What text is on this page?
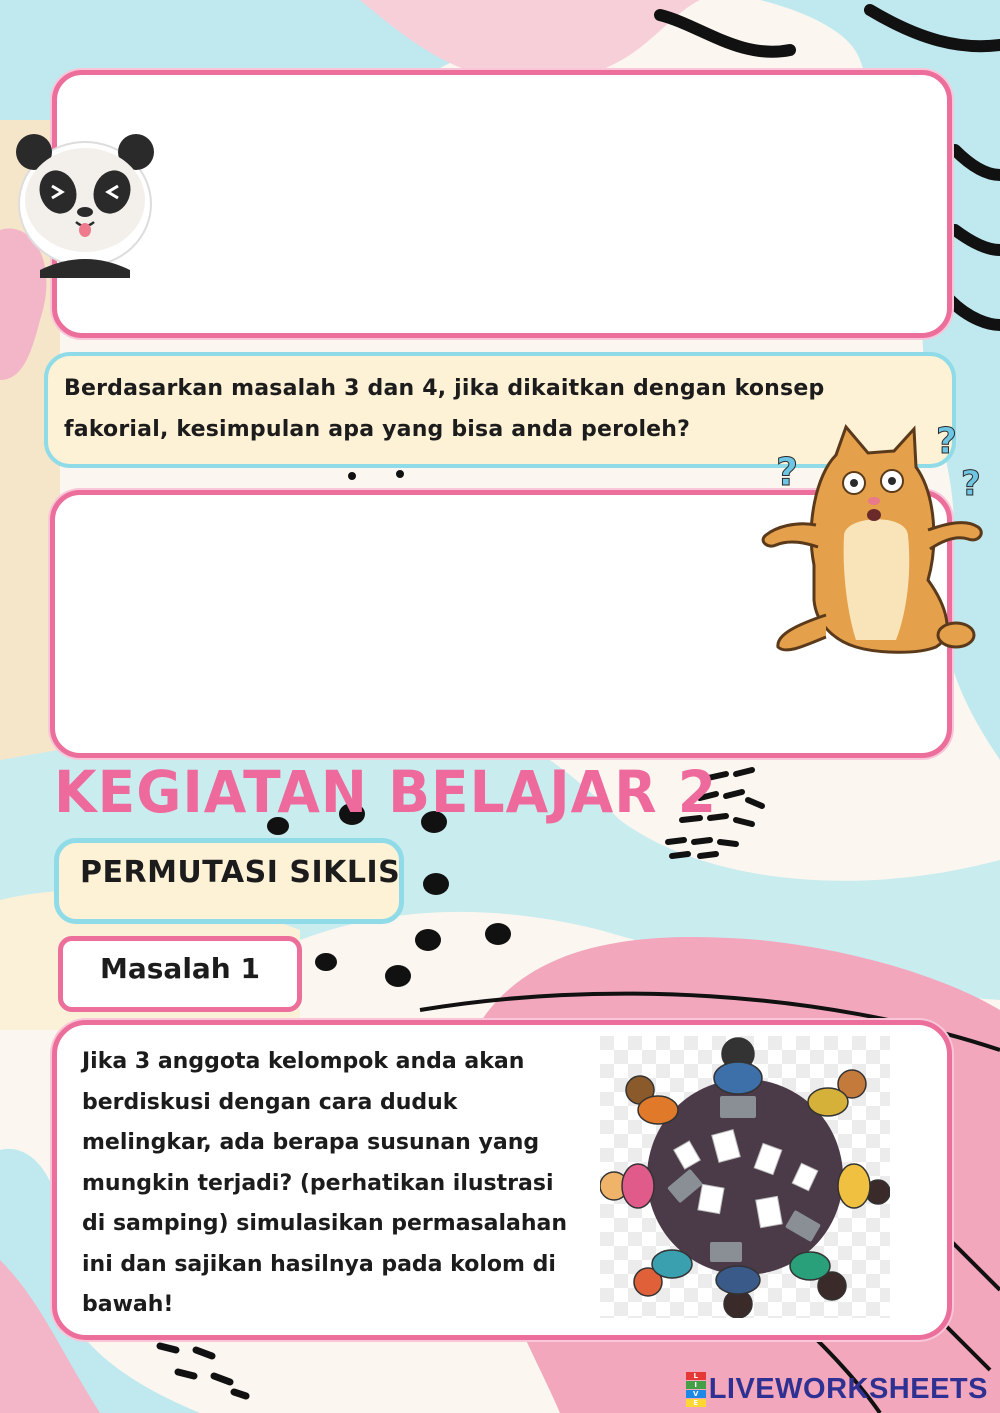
Berdasarkan masalah 3 dan 4, jika dikaitkan dengan konsep
fakorial, kesimpulan apa yang bisa anda peroleh?
?
?
?
KEGIATAN BELAJAR 2
PERMUTASI SIKLIS
Masalah 1
Jika 3 anggota kelompok anda akan
berdiskusi dengan cara duduk
melingkar, ada berapa susunan yang
mungkin terjadi? (perhatikan ilustrasi
di samping) simulasikan permasalahan
ini dan sajikan hasilnya pada kolom di
bawah!
L
I
V
E LIVEWORKSHEETS
